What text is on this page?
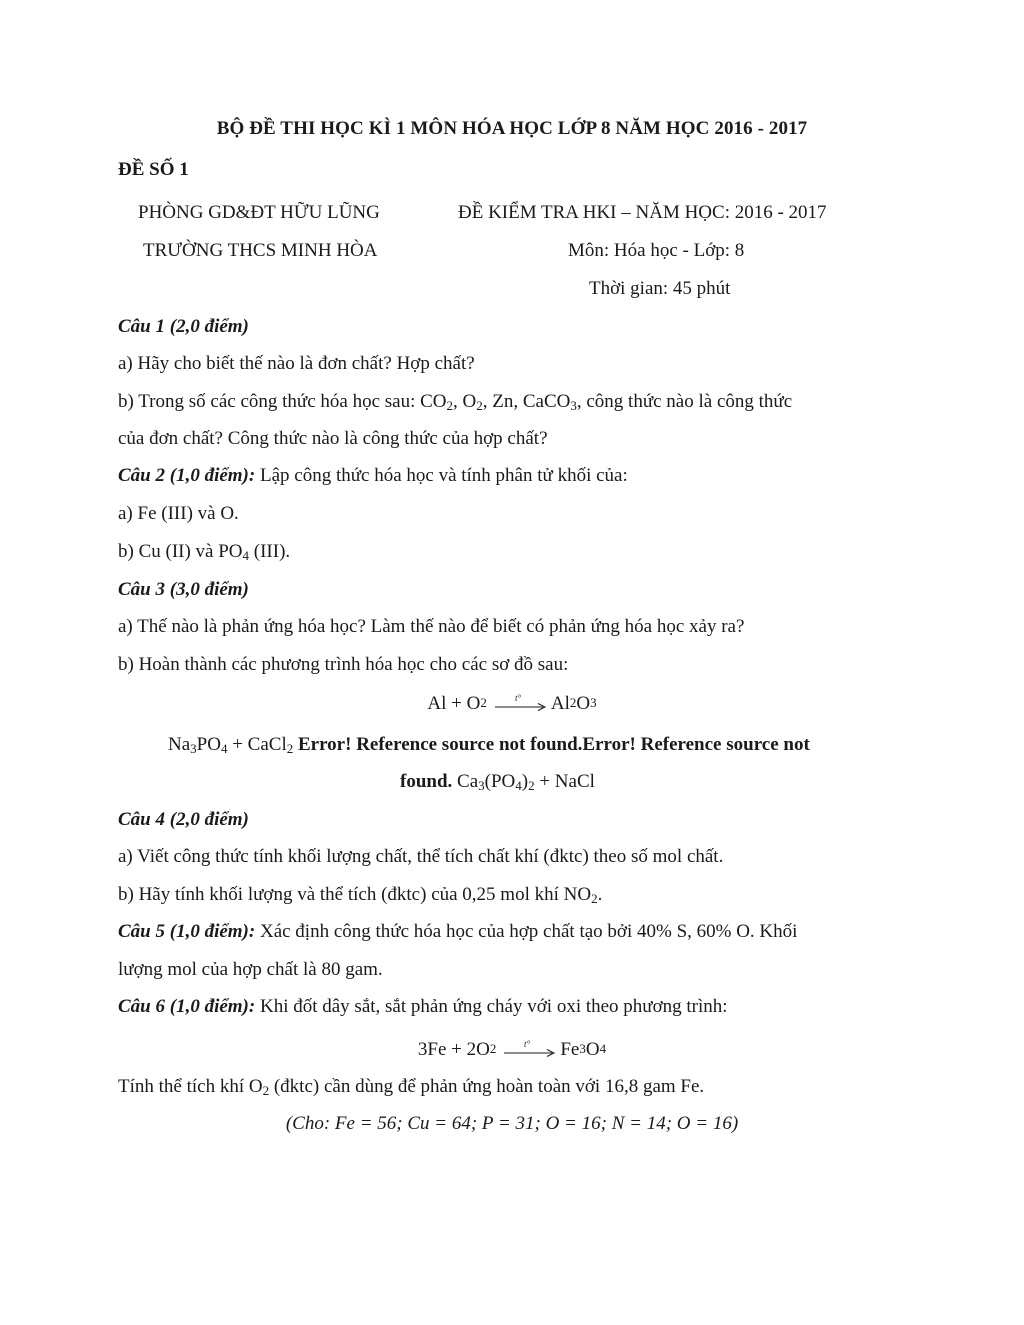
BỘ ĐỀ THI HỌC KÌ 1 MÔN HÓA HỌC LỚP 8 NĂM HỌC 2016 - 2017
ĐỀ SỐ 1
PHÒNG GD&ĐT HỮU LŨNG	ĐỀ KIỂM TRA HKI – NĂM HỌC: 2016 - 2017
TRƯỜNG THCS MINH HÒA	Môn: Hóa học - Lớp: 8
Thời gian: 45 phút
Câu 1 (2,0 điểm)
a) Hãy cho biết thế nào là đơn chất? Hợp chất?
b) Trong số các công thức hóa học sau: $CO_2$, $O_2$, Zn, CaCO$_3$, công thức nào là công thức
của đơn chất? Công thức nào là công thức của hợp chất?
Câu 2 (1,0 điểm): Lập công thức hóa học và tính phân tử khối của:
a) Fe (III) và O.
b) Cu (II) và $PO_4$ (III).
Câu 3 (3,0 điểm)
a) Thế nào là phản ứng hóa học? Làm thế nào để biết có phản ứng hóa học xảy ra?
b) Hoàn thành các phương trình hóa học cho các sơ đồ sau:
Al + O 2	t° Al 2 O 3
$Na_3PO_4$ + CaCl$_2$ Error! Reference source not found.Error! Reference source not
found. $Ca_3(PO_4)_2$ + NaCl
Câu 4 (2,0 điểm)
a) Viết công thức tính khối lượng chất, thể tích chất khí (đktc) theo số mol chất.
b) Hãy tính khối lượng và thể tích (đktc) của 0,25 mol khí $NO_2$.
Câu 5 (1,0 điểm): Xác định công thức hóa học của hợp chất tạo bởi 40% S, 60% O. Khối
lượng mol của hợp chất là 80 gam.
Câu 6 (1,0 điểm): Khi đốt dây sắt, sắt phản ứng cháy với oxi theo phương trình:
3Fe + 2O 2	t° Fe 3 O 4
Tính thể tích khí $O_2$ (đktc) cần dùng để phản ứng hoàn toàn với 16,8 gam Fe.
(Cho: Fe = 56; Cu = 64; P = 31; O = 16; N = 14; O = 16)
